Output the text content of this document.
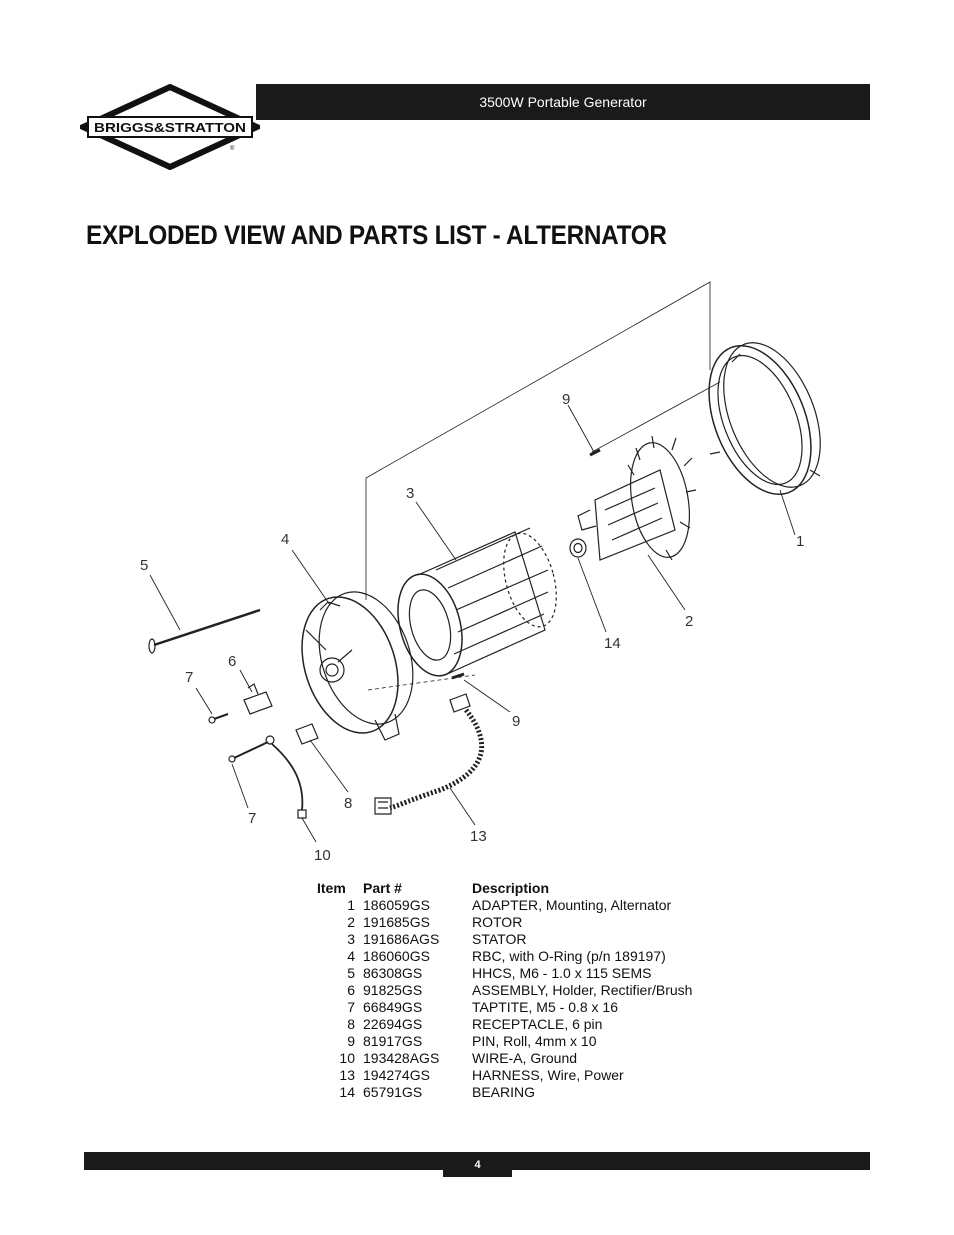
BRIGGS&STRATTON
®
3500W Portable Generator
EXPLODED VIEW AND PARTS LIST - ALTERNATOR
1
2
3
4
5
6
7
7
8
9
9
10
13
14
Item	Part #	Description
1	186059GS	ADAPTER, Mounting, Alternator
2	191685GS	ROTOR
3	191686AGS	STATOR
4	186060GS	RBC, with O-Ring (p/n 189197)
5	86308GS	HHCS, M6 - 1.0 x 115 SEMS
6	91825GS	ASSEMBLY, Holder, Rectifier/Brush
7	66849GS	TAPTITE, M5 - 0.8 x 16
8	22694GS	RECEPTACLE, 6 pin
9	81917GS	PIN, Roll, 4mm x 10
10	193428AGS	WIRE-A, Ground
13	194274GS	HARNESS, Wire, Power
14	65791GS	BEARING
4
